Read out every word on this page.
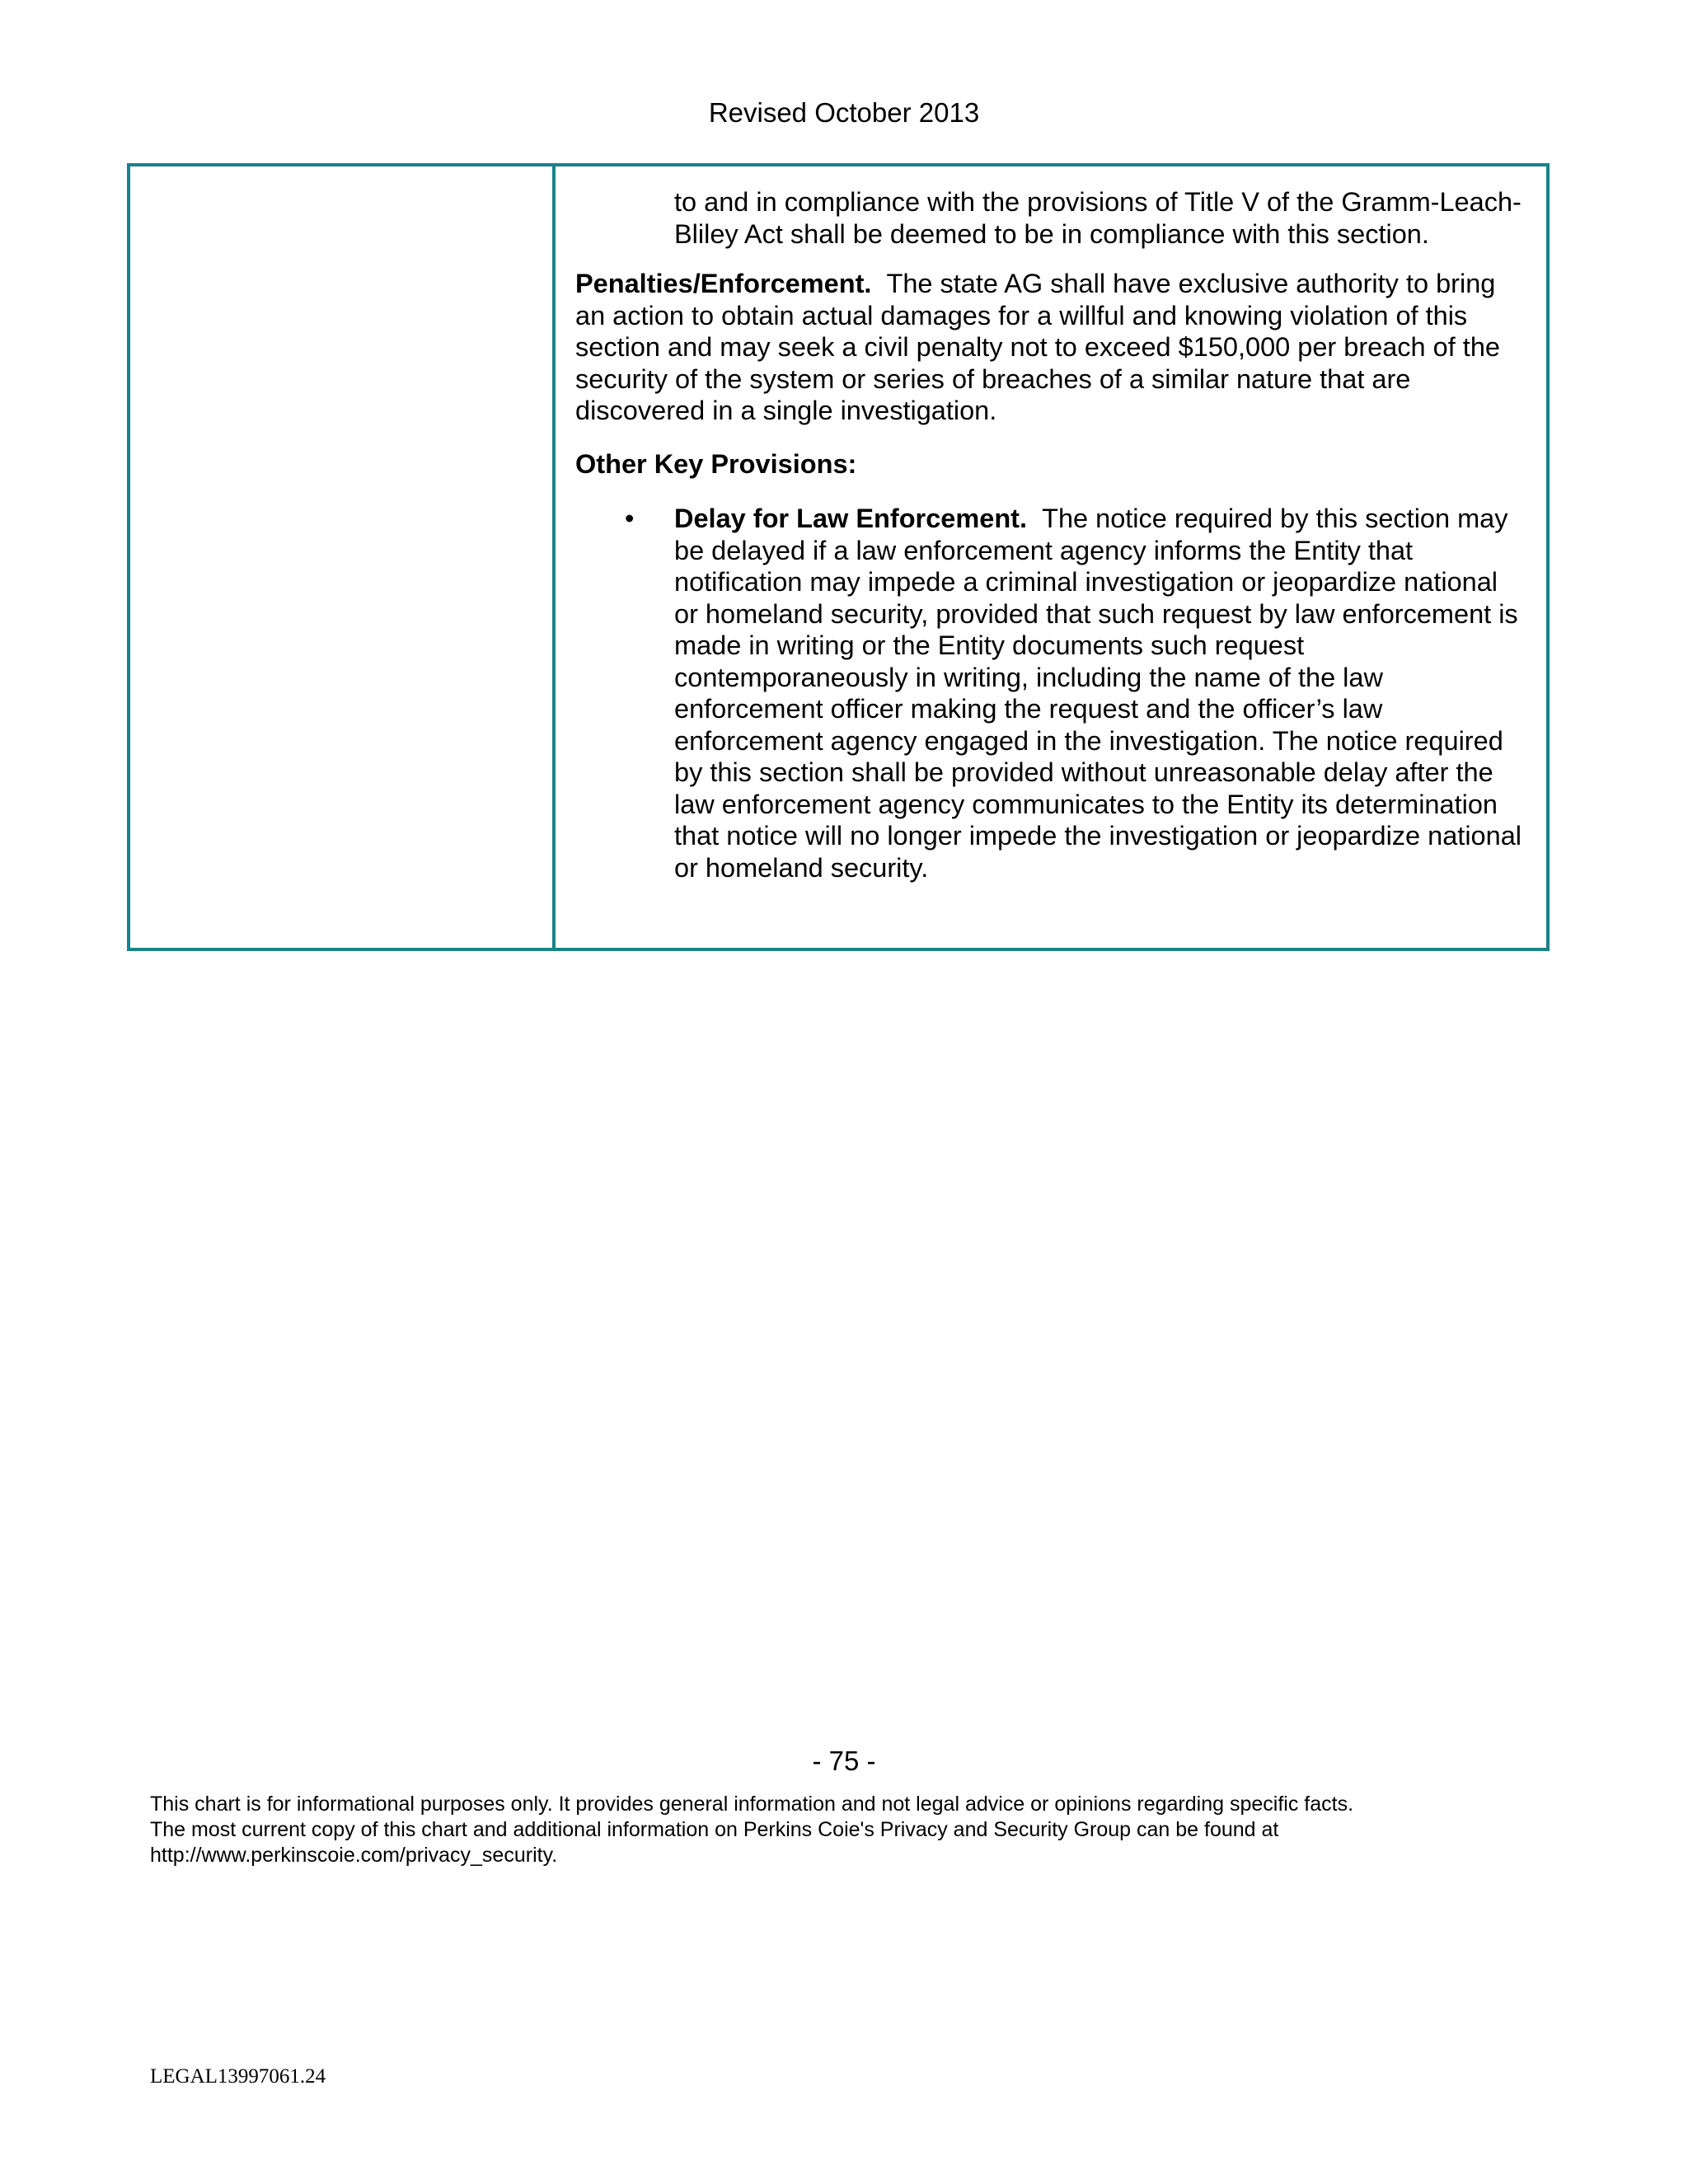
Revised October 2013

to and in compliance with the provisions of Title V of the Gramm-Leach-Bliley Act shall be deemed to be in compliance with this section.

Penalties/Enforcement. The state AG shall have exclusive authority to bring an action to obtain actual damages for a willful and knowing violation of this section and may seek a civil penalty not to exceed $150,000 per breach of the security of the system or series of breaches of a similar nature that are discovered in a single investigation.

Other Key Provisions:

• Delay for Law Enforcement. The notice required by this section may be delayed if a law enforcement agency informs the Entity that notification may impede a criminal investigation or jeopardize national or homeland security, provided that such request by law enforcement is made in writing or the Entity documents such request contemporaneously in writing, including the name of the law enforcement officer making the request and the officer’s law enforcement agency engaged in the investigation. The notice required by this section shall be provided without unreasonable delay after the law enforcement agency communicates to the Entity its determination that notice will no longer impede the investigation or jeopardize national or homeland security.
- 75 -
This chart is for informational purposes only. It provides general information and not legal advice or opinions regarding specific facts.
The most current copy of this chart and additional information on Perkins Coie's Privacy and Security Group can be found at
http://www.perkinscoie.com/privacy_security.
LEGAL13997061.24
